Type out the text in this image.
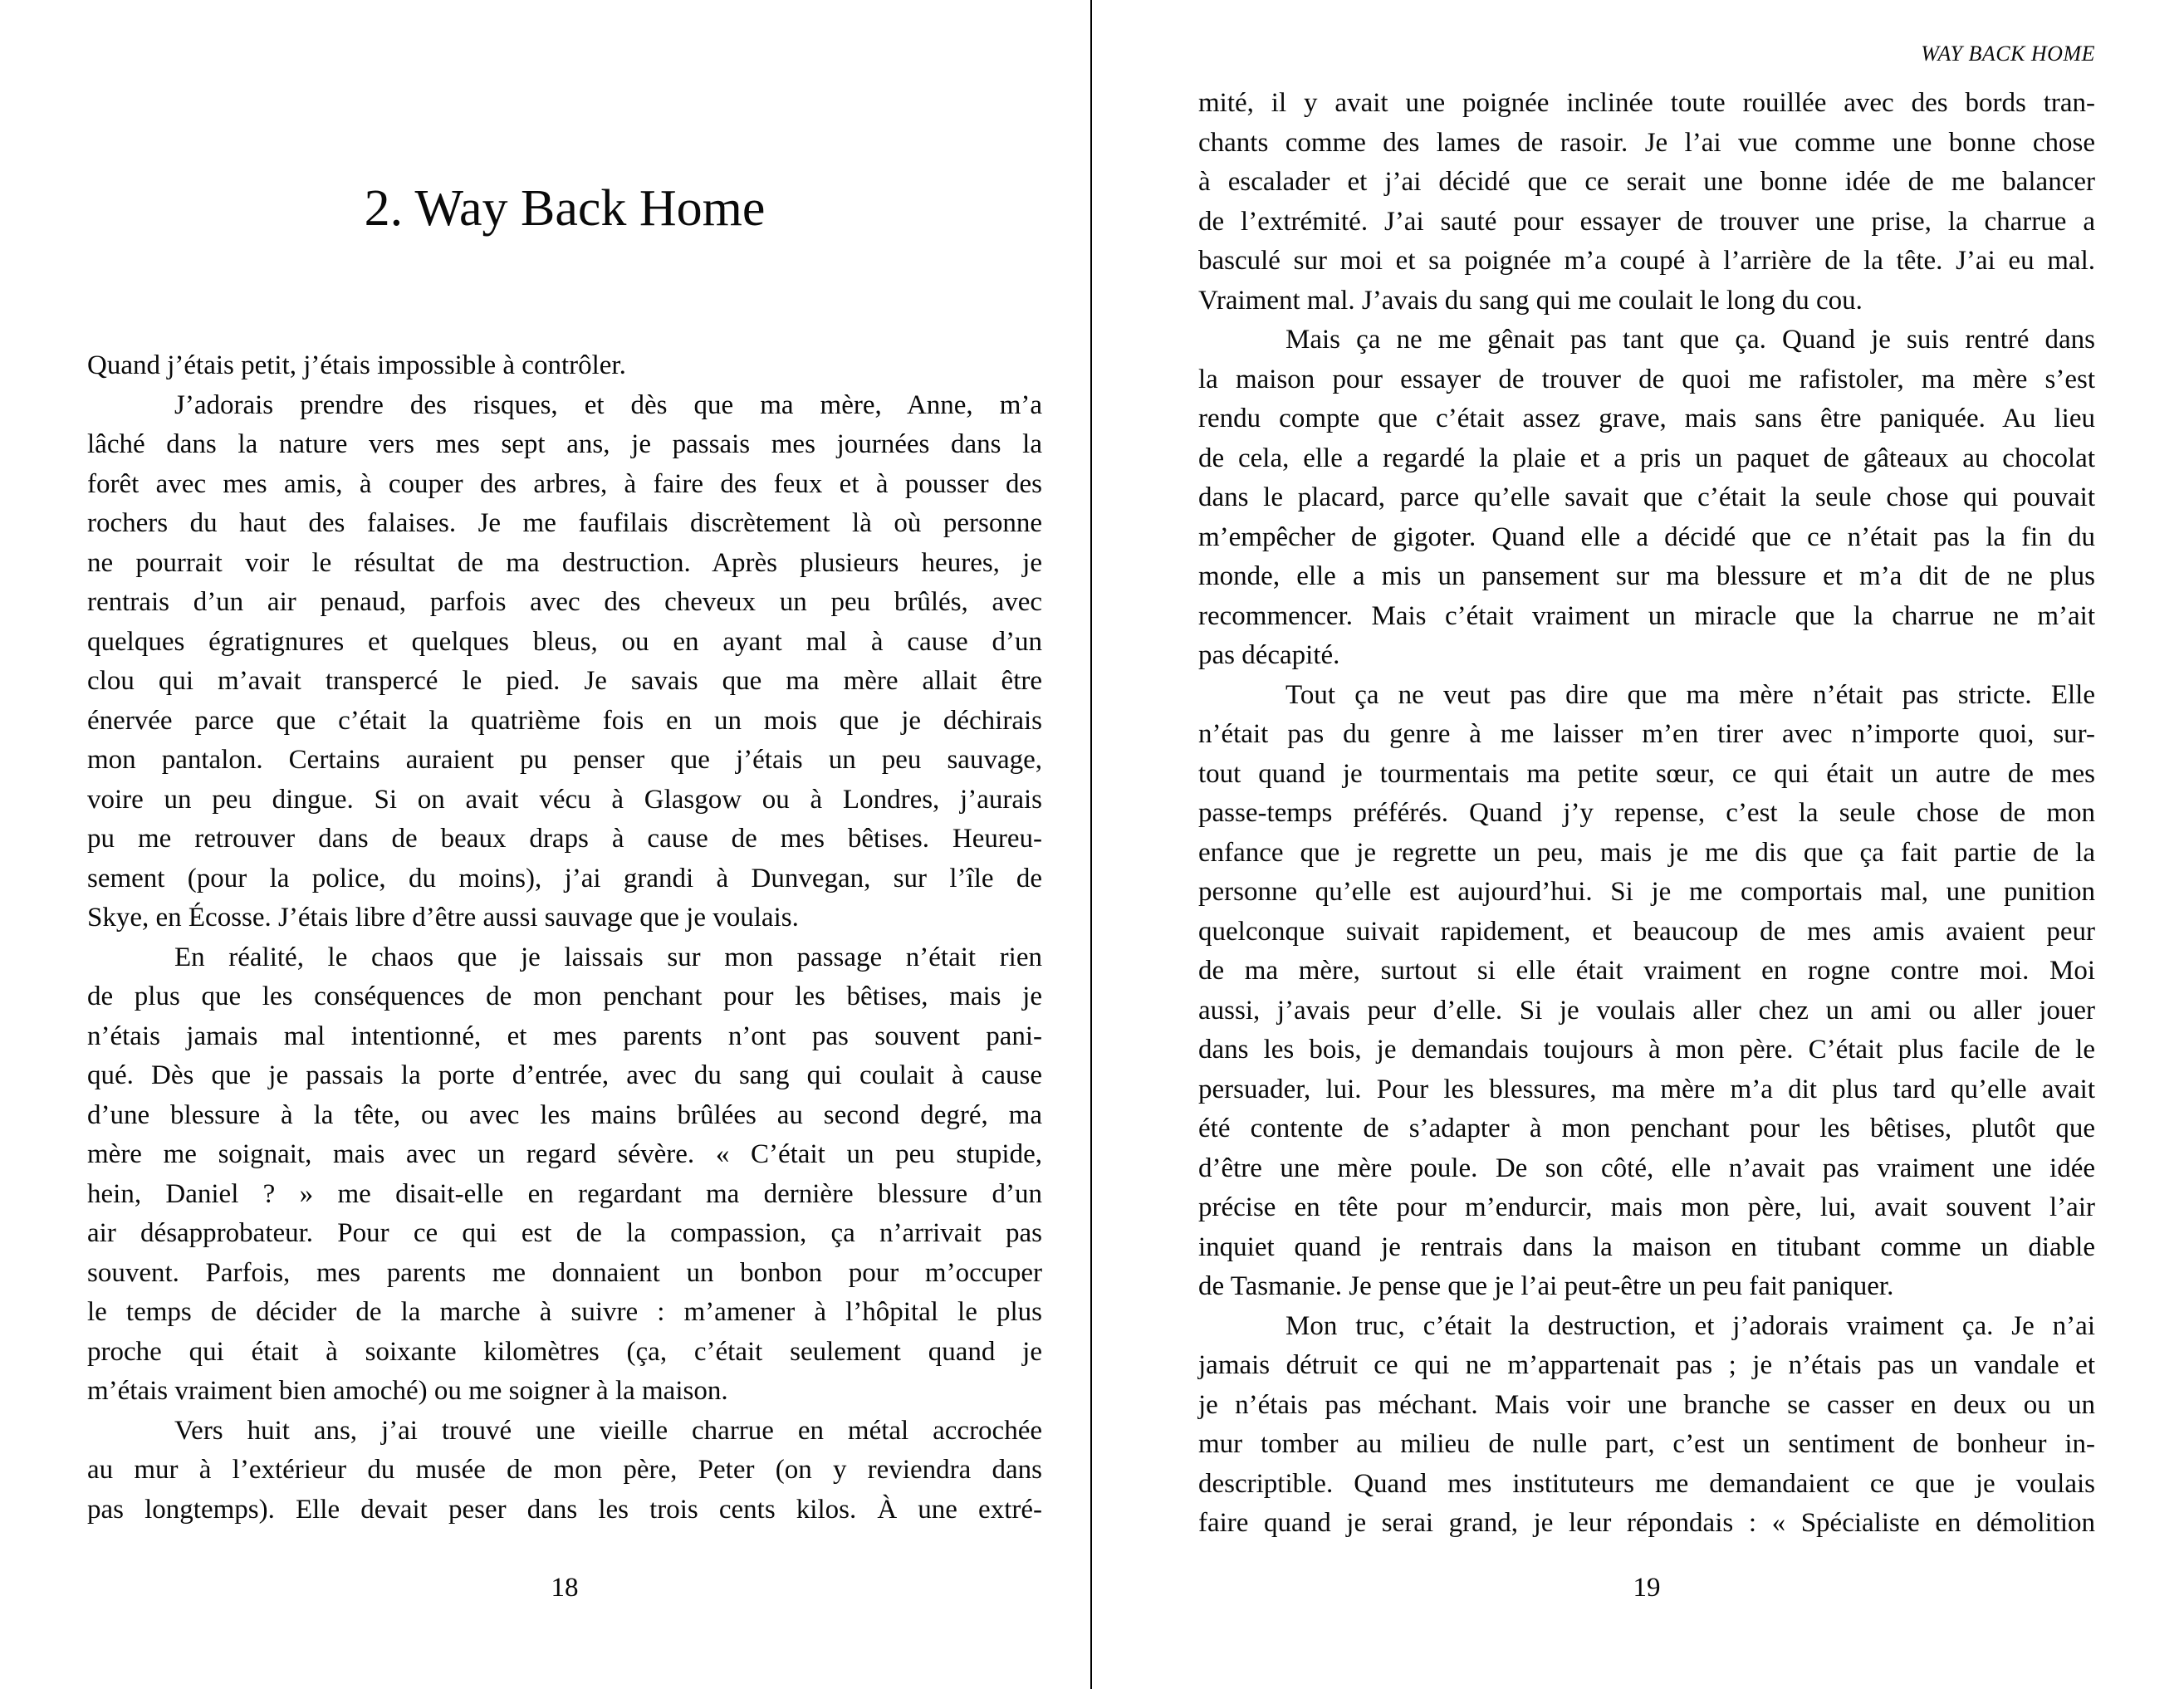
2. Way Back Home
Quand j’étais petit, j’étais impossible à contrôler.
J’adorais prendre des risques, et dès que ma mère, Anne, m’a
lâché dans la nature vers mes sept ans, je passais mes journées dans la
forêt avec mes amis, à couper des arbres, à faire des feux et à pousser des
rochers du haut des falaises. Je me faufilais discrètement là où personne
ne pourrait voir le résultat de ma destruction. Après plusieurs heures, je
rentrais d’un air penaud, parfois avec des cheveux un peu brûlés, avec
quelques égratignures et quelques bleus, ou en ayant mal à cause d’un
clou qui m’avait transpercé le pied. Je savais que ma mère allait être
énervée parce que c’était la quatrième fois en un mois que je déchirais
mon pantalon. Certains auraient pu penser que j’étais un peu sauvage,
voire un peu dingue. Si on avait vécu à Glasgow ou à Londres, j’aurais
pu me retrouver dans de beaux draps à cause de mes bêtises. Heureu-
sement (pour la police, du moins), j’ai grandi à Dunvegan, sur l’île de
Skye, en Écosse. J’étais libre d’être aussi sauvage que je voulais.
En réalité, le chaos que je laissais sur mon passage n’était rien
de plus que les conséquences de mon penchant pour les bêtises, mais je
n’étais jamais mal intentionné, et mes parents n’ont pas souvent pani-
qué. Dès que je passais la porte d’entrée, avec du sang qui coulait à cause
d’une blessure à la tête, ou avec les mains brûlées au second degré, ma
mère me soignait, mais avec un regard sévère. « C’était un peu stupide,
hein, Daniel ? » me disait-elle en regardant ma dernière blessure d’un
air désapprobateur. Pour ce qui est de la compassion, ça n’arrivait pas
souvent. Parfois, mes parents me donnaient un bonbon pour m’occuper
le temps de décider de la marche à suivre : m’amener à l’hôpital le plus
proche qui était à soixante kilomètres (ça, c’était seulement quand je
m’étais vraiment bien amoché) ou me soigner à la maison.
Vers huit ans, j’ai trouvé une vieille charrue en métal accrochée
au mur à l’extérieur du musée de mon père, Peter (on y reviendra dans
pas longtemps). Elle devait peser dans les trois cents kilos. À une extré-
18
WAY BACK HOME
mité, il y avait une poignée inclinée toute rouillée avec des bords tran-
chants comme des lames de rasoir. Je l’ai vue comme une bonne chose
à escalader et j’ai décidé que ce serait une bonne idée de me balancer
de l’extrémité. J’ai sauté pour essayer de trouver une prise, la charrue a
basculé sur moi et sa poignée m’a coupé à l’arrière de la tête. J’ai eu mal.
Vraiment mal. J’avais du sang qui me coulait le long du cou.
Mais ça ne me gênait pas tant que ça. Quand je suis rentré dans
la maison pour essayer de trouver de quoi me rafistoler, ma mère s’est
rendu compte que c’était assez grave, mais sans être paniquée. Au lieu
de cela, elle a regardé la plaie et a pris un paquet de gâteaux au chocolat
dans le placard, parce qu’elle savait que c’était la seule chose qui pouvait
m’empêcher de gigoter. Quand elle a décidé que ce n’était pas la fin du
monde, elle a mis un pansement sur ma blessure et m’a dit de ne plus
recommencer. Mais c’était vraiment un miracle que la charrue ne m’ait
pas décapité.
Tout ça ne veut pas dire que ma mère n’était pas stricte. Elle
n’était pas du genre à me laisser m’en tirer avec n’importe quoi, sur-
tout quand je tourmentais ma petite sœur, ce qui était un autre de mes
passe-temps préférés. Quand j’y repense, c’est la seule chose de mon
enfance que je regrette un peu, mais je me dis que ça fait partie de la
personne qu’elle est aujourd’hui. Si je me comportais mal, une punition
quelconque suivait rapidement, et beaucoup de mes amis avaient peur
de ma mère, surtout si elle était vraiment en rogne contre moi. Moi
aussi, j’avais peur d’elle. Si je voulais aller chez un ami ou aller jouer
dans les bois, je demandais toujours à mon père. C’était plus facile de le
persuader, lui. Pour les blessures, ma mère m’a dit plus tard qu’elle avait
été contente de s’adapter à mon penchant pour les bêtises, plutôt que
d’être une mère poule. De son côté, elle n’avait pas vraiment une idée
précise en tête pour m’endurcir, mais mon père, lui, avait souvent l’air
inquiet quand je rentrais dans la maison en titubant comme un diable
de Tasmanie. Je pense que je l’ai peut-être un peu fait paniquer.
Mon truc, c’était la destruction, et j’adorais vraiment ça. Je n’ai
jamais détruit ce qui ne m’appartenait pas ; je n’étais pas un vandale et
je n’étais pas méchant. Mais voir une branche se casser en deux ou un
mur tomber au milieu de nulle part, c’est un sentiment de bonheur in-
descriptible. Quand mes instituteurs me demandaient ce que je voulais
faire quand je serai grand, je leur répondais : « Spécialiste en démolition
19
